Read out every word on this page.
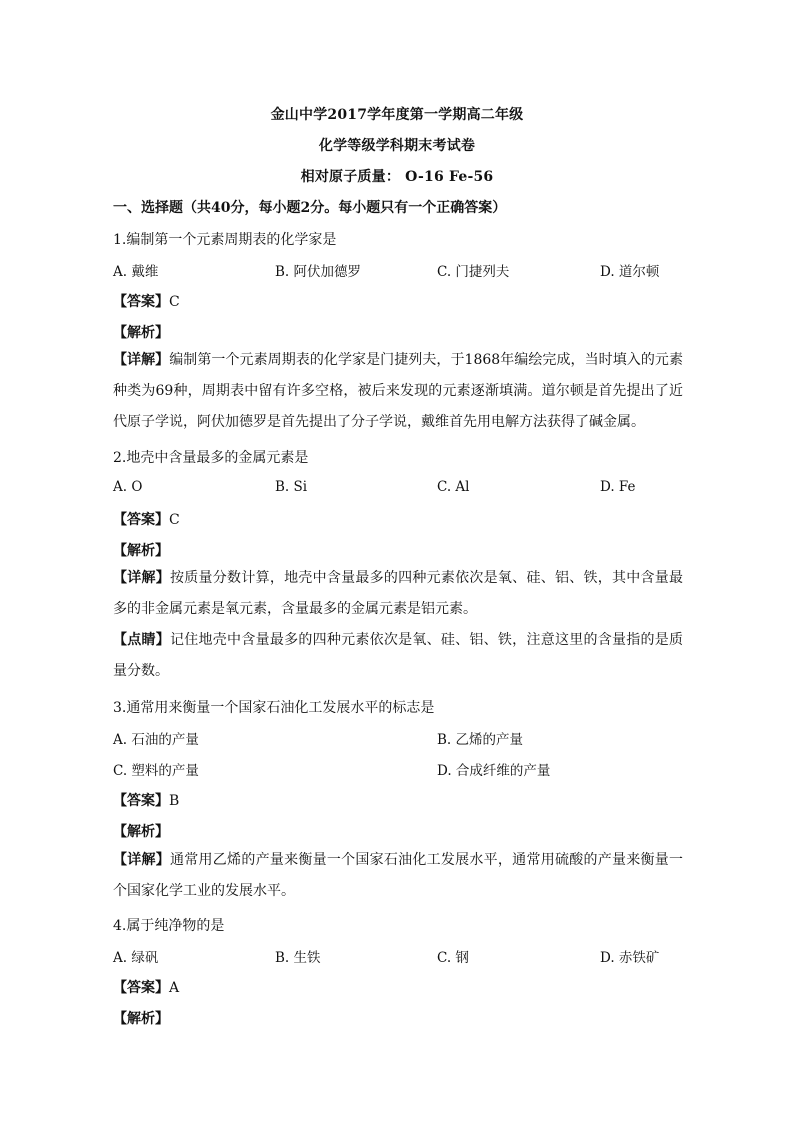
金山中学2017学年度第一学期高二年级
化学等级学科期末考试卷
相对原子质量： O-16 Fe-56
一、选择题（共40分，每小题2分。每小题只有一个正确答案）
1.编制第一个元素周期表的化学家是
A. 戴维	B. 阿伏加德罗	C. 门捷列夫	D. 道尔顿
【答案】C
【解析】
【详解】编制第一个元素周期表的化学家是门捷列夫，于1868年编绘完成，当时填入的元素种类为69种，周期表中留有许多空格，被后来发现的元素逐渐填满。道尔顿是首先提出了近代原子学说，阿伏加德罗是首先提出了分子学说，戴维首先用电解方法获得了碱金属。
2.地壳中含量最多的金属元素是
A. O	B. Si	C. Al	D. Fe
【答案】C
【解析】
【详解】按质量分数计算，地壳中含量最多的四种元素依次是氧、硅、铝、铁，其中含量最多的非金属元素是氧元素，含量最多的金属元素是铝元素。
【点睛】记住地壳中含量最多的四种元素依次是氧、硅、铝、铁，注意这里的含量指的是质量分数。
3.通常用来衡量一个国家石油化工发展水平的标志是
A. 石油的产量	B. 乙烯的产量
C. 塑料的产量	D. 合成纤维的产量
【答案】B
【解析】
【详解】通常用乙烯的产量来衡量一个国家石油化工发展水平，通常用硫酸的产量来衡量一个国家化学工业的发展水平。
4.属于纯净物的是
A. 绿矾	B. 生铁	C. 钢	D. 赤铁矿
【答案】A
【解析】
